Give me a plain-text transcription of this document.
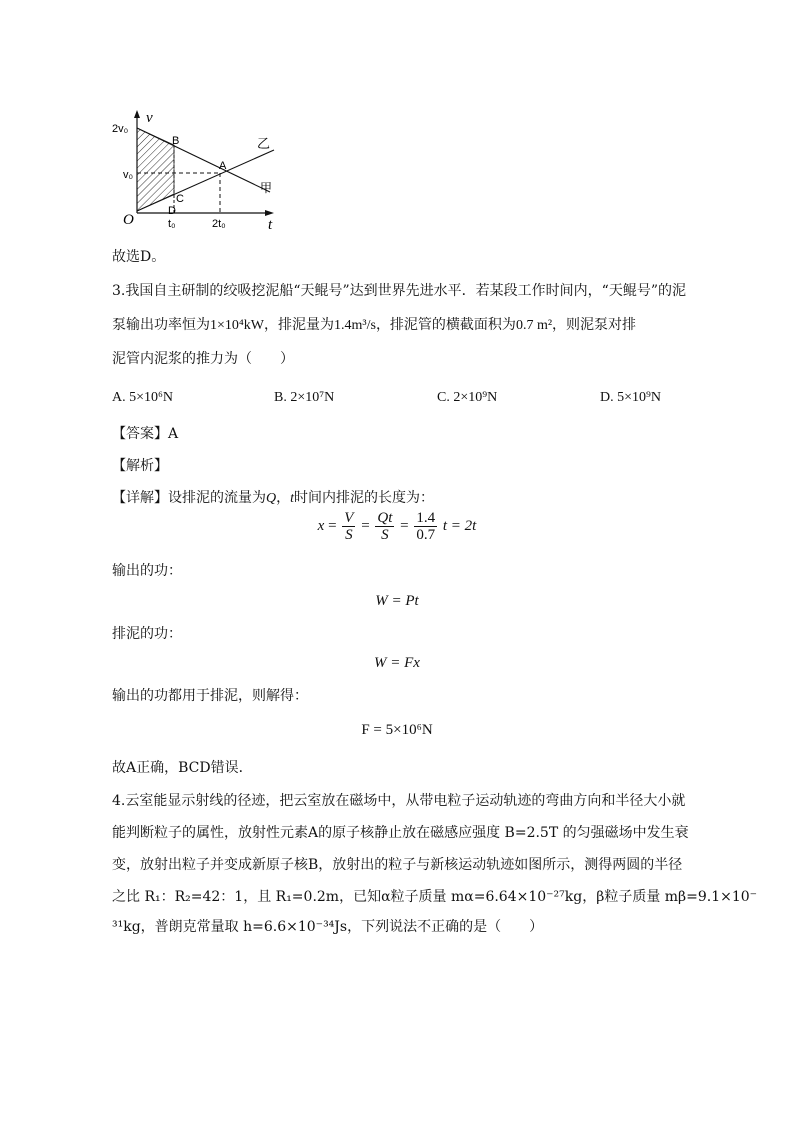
v
2v₀
v₀
O	t
B
A
C
D
t₀	2t₀
乙
甲
故选D。
3.我国自主研制的绞吸挖泥船“天鲲号”达到世界先进水平．若某段工作时间内，“天鲲号”的泥
泵输出功率恒为1×10⁴kW，排泥量为1.4m³/s，排泥管的横截面积为0.7 m²，则泥泵对排
泥管内泥浆的推力为（　　）
A. 5×10⁶N	B. 2×10⁷N	C. 2×10⁹N	D. 5×10⁹N
【答案】A
【解析】
【详解】设排泥的流量为Q，t时间内排泥的长度为：
$x = \frac{V}{S} = \frac{Qt}{S} = \frac{1.4}{0.7}$ t = 2t
输出的功：
W = Pt
排泥的功：
W = Fx
输出的功都用于排泥，则解得：
F = 5×10⁶N
故A正确，BCD错误．
4.云室能显示射线的径迹，把云室放在磁场中，从带电粒子运动轨迹的弯曲方向和半径大小就
能判断粒子的属性，放射性元素A的原子核静止放在磁感应强度 B=2.5T 的匀强磁场中发生衰
变，放射出粒子并变成新原子核B，放射出的粒子与新核运动轨迹如图所示，测得两圆的半径
之比 R₁：R₂=42：1，且 R₁=0.2m，已知α粒子质量 mα=6.64×10⁻²⁷kg，β粒子质量 mβ=9.1×10⁻
³¹kg，普朗克常量取 h=6.6×10⁻³⁴Js，下列说法不正确的是（　　）
